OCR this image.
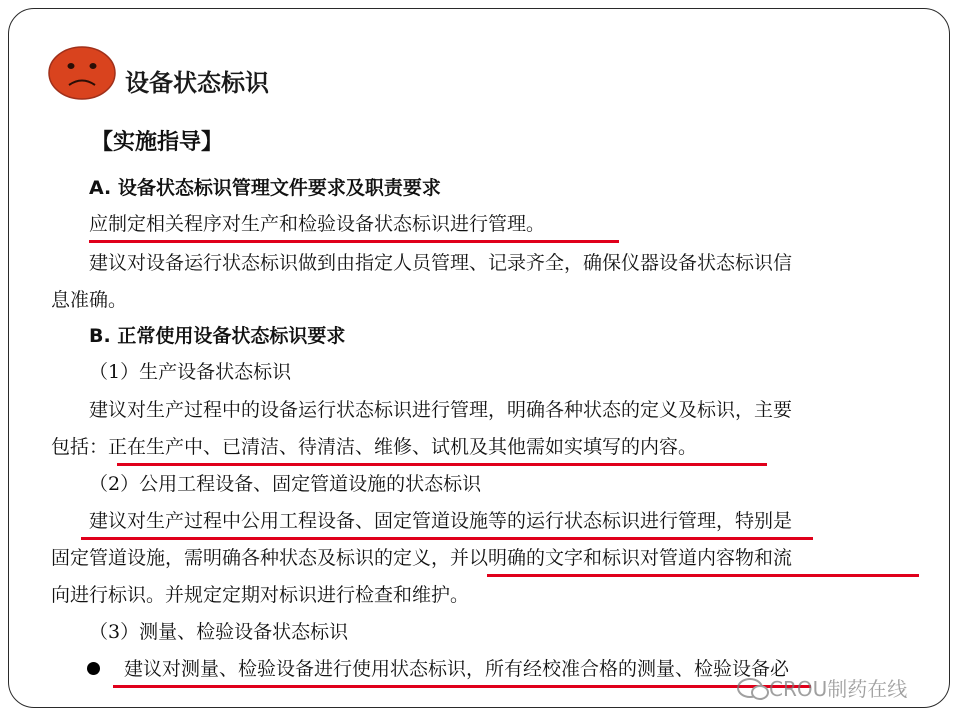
设备状态标识
【实施指导】
A. 设备状态标识管理文件要求及职责要求
应制定相关程序对生产和检验设备状态标识进行管理。
建议对设备运行状态标识做到由指定人员管理、记录齐全，确保仪器设备状态标识信
息准确。
B. 正常使用设备状态标识要求
（1）生产设备状态标识
建议对生产过程中的设备运行状态标识进行管理，明确各种状态的定义及标识，主要
包括：正在生产中、已清洁、待清洁、维修、试机及其他需如实填写的内容。
（2）公用工程设备、固定管道设施的状态标识
建议对生产过程中公用工程设备、固定管道设施等的运行状态标识进行管理，特别是
固定管道设施，需明确各种状态及标识的定义，并以明确的文字和标识对管道内容物和流
向进行标识。并规定定期对标识进行检查和维护。
（3）测量、检验设备状态标识
建议对测量、检验设备进行使用状态标识，所有经校准合格的测量、检验设备必
CROU制药在线
